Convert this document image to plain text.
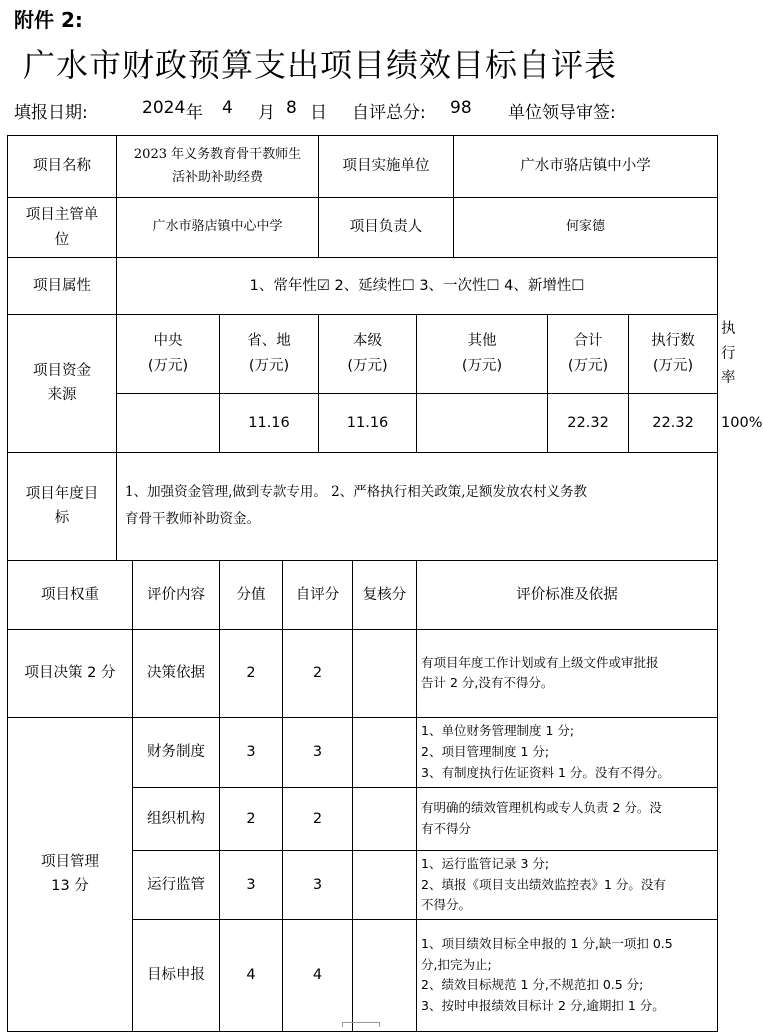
附件 2:
广水市财政预算支出项目绩效目标自评表
填报日期:	2024 年 4 月 8 日 自评总分: 98 单位领导审签:
项目名称	2023 年义务教育骨干教师生
活补助补助经费				项目实施单位			广水市骆店镇中小学			

项目主管单
位	广水市骆店镇中心中学				项目负责人			何家德			
项目属性	1、常年性☑ 2、延续性☐ 3、一次性☐ 4、新增性☐										

项目资金
来源	中央
(万元)		省、地
(万元)		本级
(万元)		其他
(万元)		合计
(万元)	执行数
(万元)	执行
率

			11.16		11.16				22.32	22.32	100%

项目年度目
标	1、加强资金管理,做到专款专用。 2、严格执行相关政策,足额发放农村义务教
育骨干教师补助资金。										

项目权重		评价内容	分值	自评分		复核分	评价标准及依据				
项目决策 2 分		决策依据	2	2			有项目年度工作计划或有上级文件或审批报
告计 2 分,没有不得分。				

项目管理
13 分		财务制度	3	3			1、单位财务管理制度 1 分;
2、项目管理制度 1 分;
3、有制度执行佐证资料 1 分。没有不得分。				

		组织机构	2	2			有明确的绩效管理机构或专人负责 2 分。没
有不得分				

		运行监管	3	3			1、运行监管记录 3 分;
2、填报《项目支出绩效监控表》1 分。没有
不得分。				

		目标申报	4	4			1、项目绩效目标全申报的 1 分,缺一项扣 0.5
分,扣完为止;
2、绩效目标规范 1 分,不规范扣 0.5 分;
3、按时申报绩效目标计 2 分,逾期扣 1 分。				
